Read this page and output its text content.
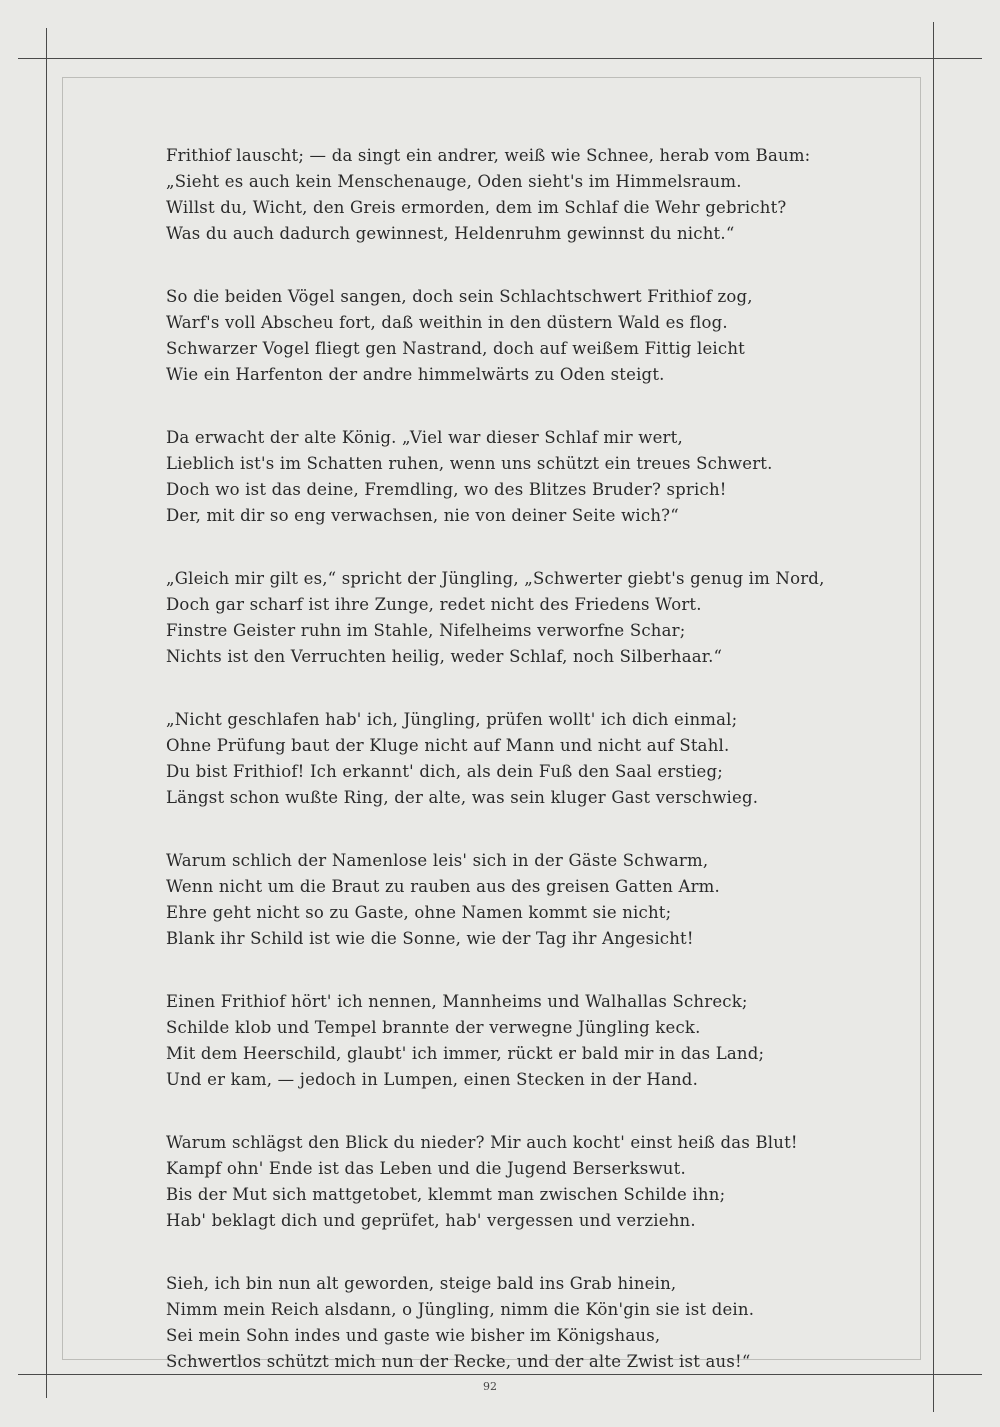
Frithiof lauscht; — da singt ein andrer, weiß wie Schnee, herab vom Baum:
„Sieht es auch kein Menschenauge, Oden sieht's im Himmelsraum.
Willst du, Wicht, den Greis ermorden, dem im Schlaf die Wehr gebricht?
Was du auch dadurch gewinnest, Heldenruhm gewinnst du nicht.“
So die beiden Vögel sangen, doch sein Schlachtschwert Frithiof zog,
Warf's voll Abscheu fort, daß weithin in den düstern Wald es flog.
Schwarzer Vogel fliegt gen Nastrand, doch auf weißem Fittig leicht
Wie ein Harfenton der andre himmelwärts zu Oden steigt.
Da erwacht der alte König. „Viel war dieser Schlaf mir wert,
Lieblich ist's im Schatten ruhen, wenn uns schützt ein treues Schwert.
Doch wo ist das deine, Fremdling, wo des Blitzes Bruder? sprich!
Der, mit dir so eng verwachsen, nie von deiner Seite wich?“
„Gleich mir gilt es,“ spricht der Jüngling, „Schwerter giebt's genug im Nord,
Doch gar scharf ist ihre Zunge, redet nicht des Friedens Wort.
Finstre Geister ruhn im Stahle, Nifelheims verworfne Schar;
Nichts ist den Verruchten heilig, weder Schlaf, noch Silberhaar.“
„Nicht geschlafen hab' ich, Jüngling, prüfen wollt' ich dich einmal;
Ohne Prüfung baut der Kluge nicht auf Mann und nicht auf Stahl.
Du bist Frithiof! Ich erkannt' dich, als dein Fuß den Saal erstieg;
Längst schon wußte Ring, der alte, was sein kluger Gast verschwieg.
Warum schlich der Namenlose leis' sich in der Gäste Schwarm,
Wenn nicht um die Braut zu rauben aus des greisen Gatten Arm.
Ehre geht nicht so zu Gaste, ohne Namen kommt sie nicht;
Blank ihr Schild ist wie die Sonne, wie der Tag ihr Angesicht!
Einen Frithiof hört' ich nennen, Mannheims und Walhallas Schreck;
Schilde klob und Tempel brannte der verwegne Jüngling keck.
Mit dem Heerschild, glaubt' ich immer, rückt er bald mir in das Land;
Und er kam, — jedoch in Lumpen, einen Stecken in der Hand.
Warum schlägst den Blick du nieder? Mir auch kocht' einst heiß das Blut!
Kampf ohn' Ende ist das Leben und die Jugend Berserkswut.
Bis der Mut sich mattgetobet, klemmt man zwischen Schilde ihn;
Hab' beklagt dich und geprüfet, hab' vergessen und verziehn.
Sieh, ich bin nun alt geworden, steige bald ins Grab hinein,
Nimm mein Reich alsdann, o Jüngling, nimm die Kön'gin sie ist dein.
Sei mein Sohn indes und gaste wie bisher im Königshaus,
Schwertlos schützt mich nun der Recke, und der alte Zwist ist aus!“
92
